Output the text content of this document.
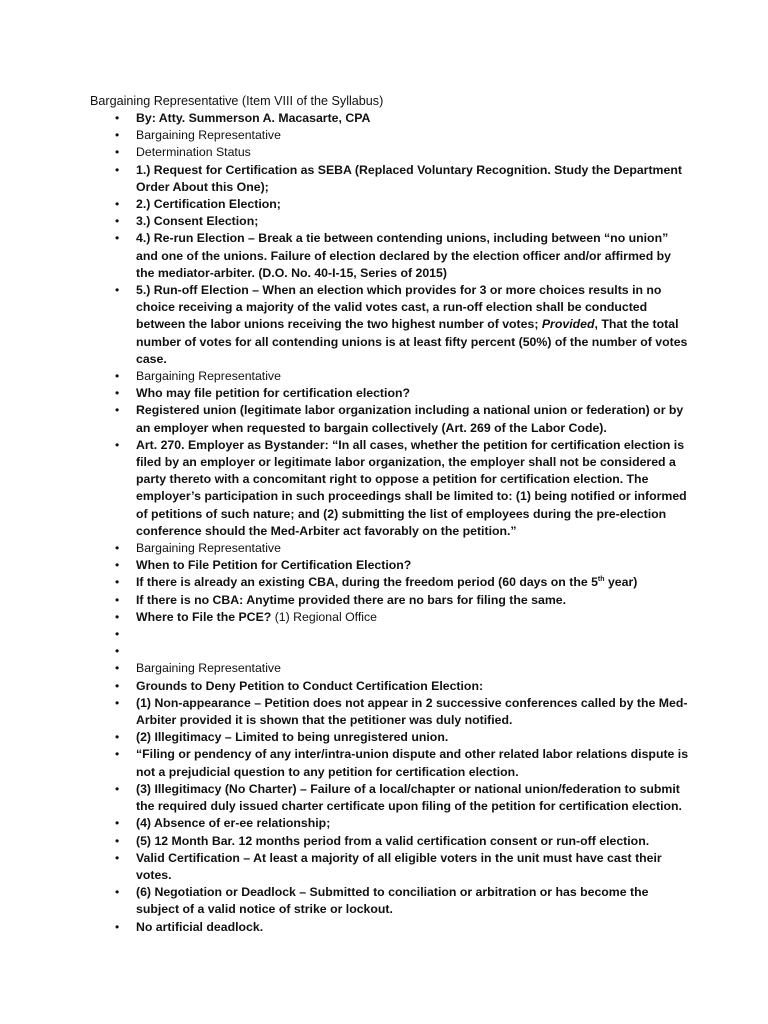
Bargaining Representative (Item VIII of the Syllabus)

• By: Atty. Summerson A. Macasarte, CPA
• Bargaining Representative
• Determination Status
• 1.) Request for Certification as SEBA (Replaced Voluntary Recognition. Study the Department Order About this One);
• 2.) Certification Election;
• 3.) Consent Election;
• 4.) Re-run Election – Break a tie between contending unions, including between “no union” and one of the unions. Failure of election declared by the election officer and/or affirmed by the mediator-arbiter. (D.O. No. 40-I-15, Series of 2015)
• 5.) Run-off Election – When an election which provides for 3 or more choices results in no choice receiving a majority of the valid votes cast, a run-off election shall be conducted between the labor unions receiving the two highest number of votes; Provided, That the total number of votes for all contending unions is at least fifty percent (50%) of the number of votes case.
• Bargaining Representative
• Who may file petition for certification election?
• Registered union (legitimate labor organization including a national union or federation) or by an employer when requested to bargain collectively (Art. 269 of the Labor Code).
• Art. 270. Employer as Bystander: “In all cases, whether the petition for certification election is filed by an employer or legitimate labor organization, the employer shall not be considered a party thereto with a concomitant right to oppose a petition for certification election. The employer’s participation in such proceedings shall be limited to: (1) being notified or informed of petitions of such nature; and (2) submitting the list of employees during the pre-election conference should the Med-Arbiter act favorably on the petition.”
• Bargaining Representative
• When to File Petition for Certification Election?
• If there is already an existing CBA, during the freedom period (60 days on the 5th year)
• If there is no CBA: Anytime provided there are no bars for filing the same.
• Where to File the PCE? (1) Regional Office
•
•
• Bargaining Representative
• Grounds to Deny Petition to Conduct Certification Election:
• (1) Non-appearance – Petition does not appear in 2 successive conferences called by the Med-Arbiter provided it is shown that the petitioner was duly notified.
• (2) Illegitimacy – Limited to being unregistered union.
• “Filing or pendency of any inter/intra-union dispute and other related labor relations dispute is not a prejudicial question to any petition for certification election.
• (3) Illegitimacy (No Charter) – Failure of a local/chapter or national union/federation to submit the required duly issued charter certificate upon filing of the petition for certification election.
• (4) Absence of er-ee relationship;
• (5) 12 Month Bar. 12 months period from a valid certification consent or run-off election.
• Valid Certification – At least a majority of all eligible voters in the unit must have cast their votes.
• (6) Negotiation or Deadlock – Submitted to conciliation or arbitration or has become the subject of a valid notice of strike or lockout.
• No artificial deadlock.
